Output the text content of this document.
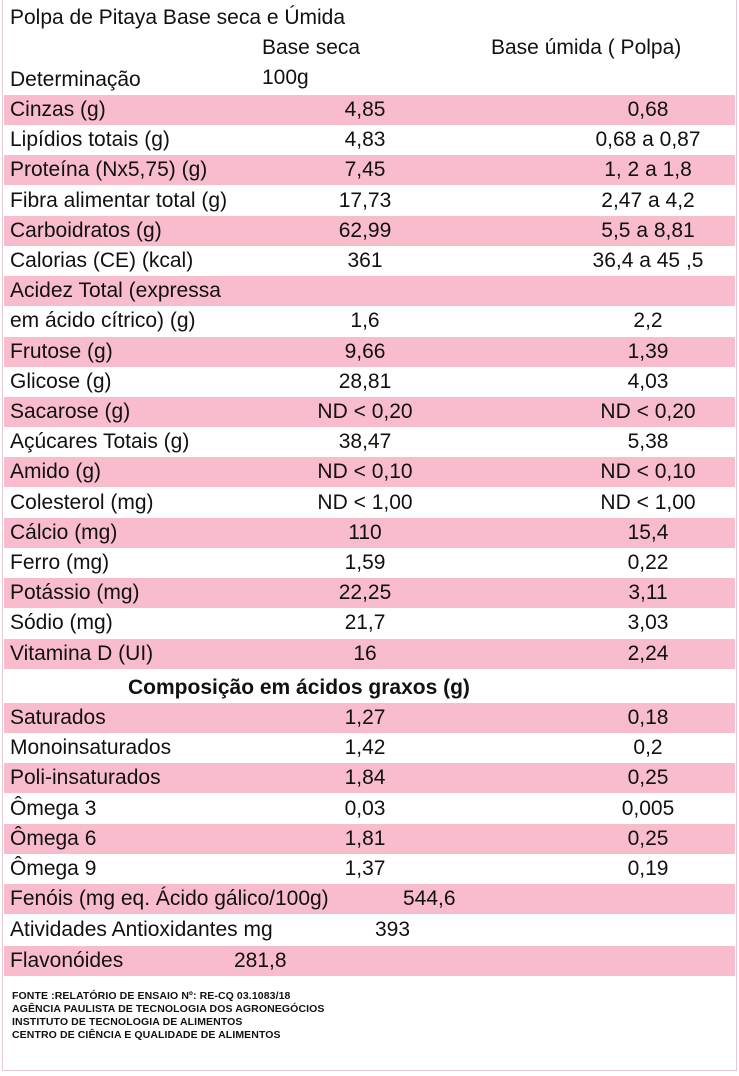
Polpa de Pitaya Base seca e Úmida
Base seca	Base úmida ( Polpa)
Determinação	100g
Cinzas (g)	4,85	0,68
Lipídios totais (g)	4,83	0,68 a 0,87
Proteína (Nx5,75) (g)	7,45	1, 2 a 1,8
Fibra alimentar total (g)	17,73	2,47 a 4,2
Carboidratos (g)	62,99	5,5 a 8,81
Calorias (CE) (kcal)	361	36,4 a 45 ,5
Acidez Total (expressa
em ácido cítrico) (g)	1,6	2,2
Frutose (g)	9,66	1,39
Glicose (g)	28,81	4,03
Sacarose (g)	ND < 0,20	ND < 0,20
Açúcares Totais (g)	38,47	5,38
Amido (g)	ND < 0,10	ND < 0,10
Colesterol (mg)	ND < 1,00	ND < 1,00
Cálcio (mg)	110	15,4
Ferro (mg)	1,59	0,22
Potássio (mg)	22,25	3,11
Sódio (mg)	21,7	3,03
Vitamina D (UI)	16	2,24
Composição em ácidos graxos (g)
Saturados	1,27	0,18
Monoinsaturados	1,42	0,2
Poli-insaturados	1,84	0,25
Ômega 3	0,03	0,005
Ômega 6	1,81	0,25
Ômega 9	1,37	0,19
Fenóis (mg eq. Ácido gálico/100g)	544,6
Atividades Antioxidantes mg	393
Flavonóides	281,8
FONTE :RELATÓRIO DE ENSAIO Nº: RE-CQ 03.1083/18
AGÊNCIA PAULISTA DE TECNOLOGIA DOS AGRONEGÓCIOS
INSTITUTO DE TECNOLOGIA DE ALIMENTOS
CENTRO DE CIÊNCIA E QUALIDADE DE ALIMENTOS
